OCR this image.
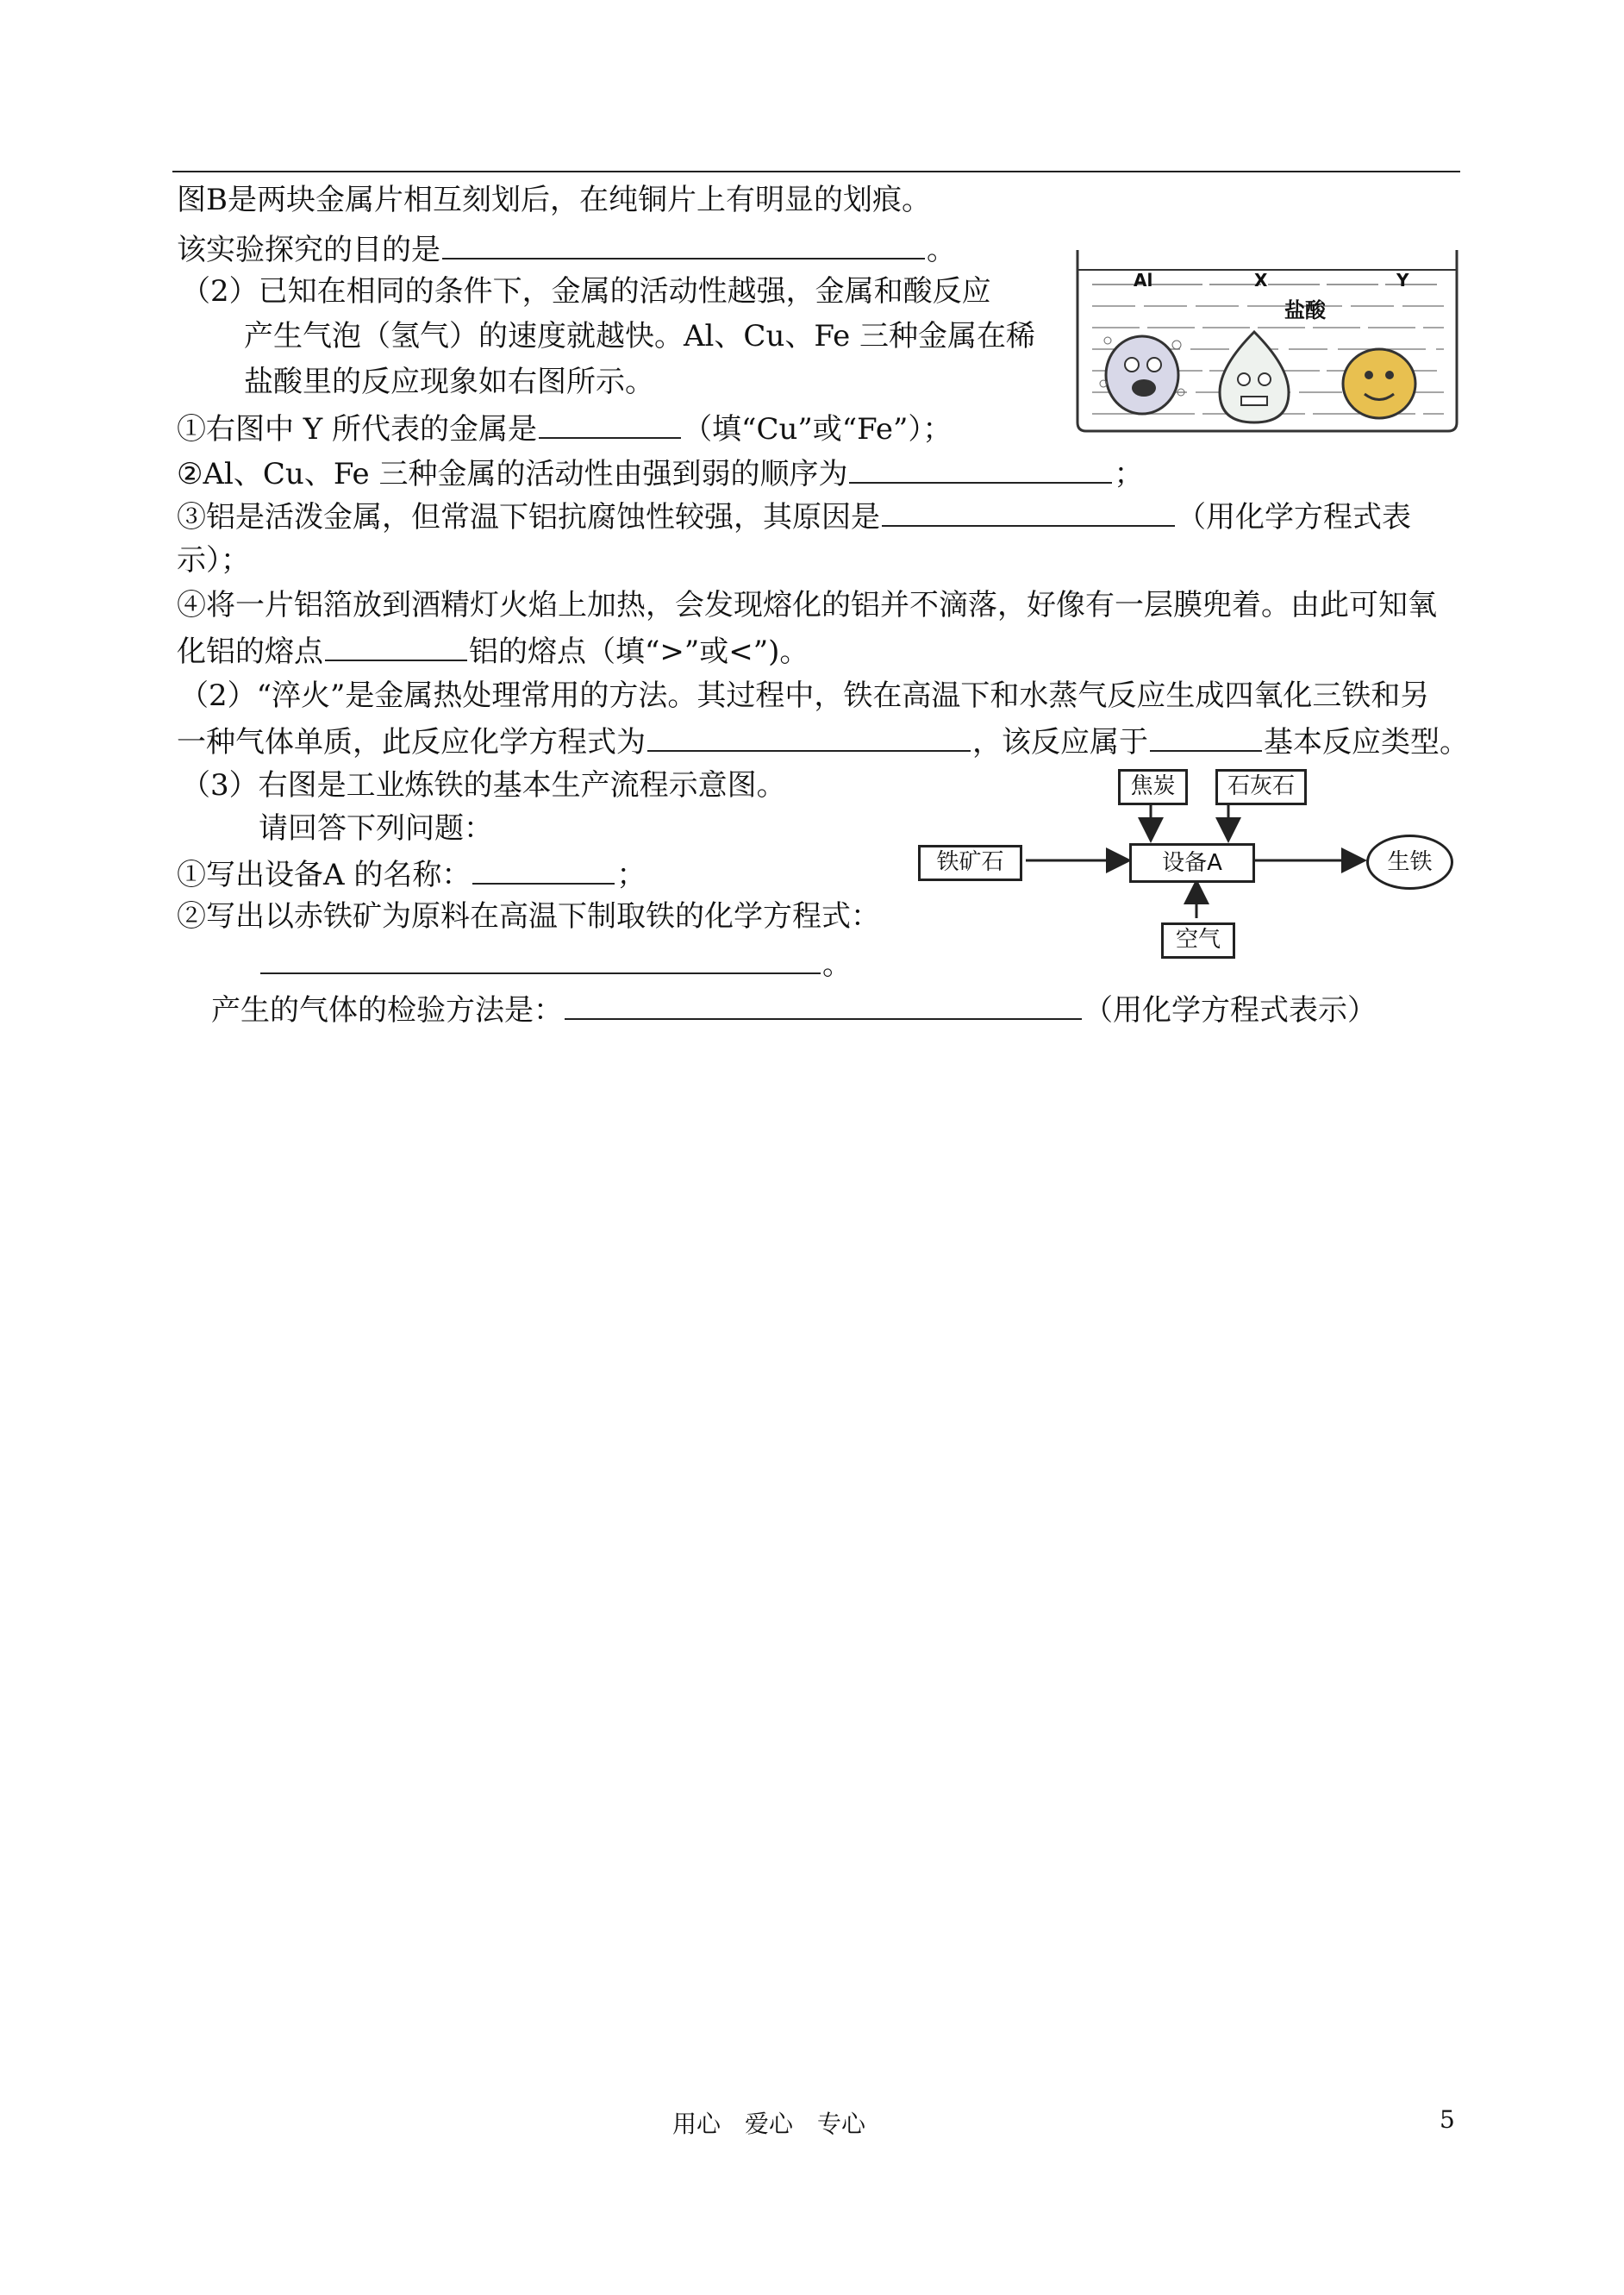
图B是两块金属片相互刻划后，在纯铜片上有明显的划痕。
该实验探究的目的是	。
（2）已知在相同的条件下，金属的活动性越强，金属和酸反应
产生气泡（氢气）的速度就越快。Al、Cu、Fe 三种金属在稀
盐酸里的反应现象如右图所示。
①右图中 Y 所代表的金属是	（填“Cu”或“Fe”）；
②Al、Cu、Fe 三种金属的活动性由强到弱的顺序为	；
③铝是活泼金属，但常温下铝抗腐蚀性较强，其原因是	（用化学方程式表
示）；
④将一片铝箔放到酒精灯火焰上加热，会发现熔化的铝并不滴落，好像有一层膜兜着。由此可知氧
化铝的熔点	铝的熔点（填“>”或<”)。
（2）“淬火”是金属热处理常用的方法。其过程中，铁在高温下和水蒸气反应生成四氧化三铁和另
一种气体单质，此反应化学方程式为	，该反应属于	基本反应类型。
（3）右图是工业炼铁的基本生产流程示意图。
请回答下列问题：
①写出设备A 的名称：	；
②写出以赤铁矿为原料在高温下制取铁的化学方程式：
。
产生的气体的检验方法是：	（用化学方程式表示）
Al	X	Y
盐酸
焦炭	石灰石
铁矿石	设备A	生铁
空气
用心　爱心　专心	5
